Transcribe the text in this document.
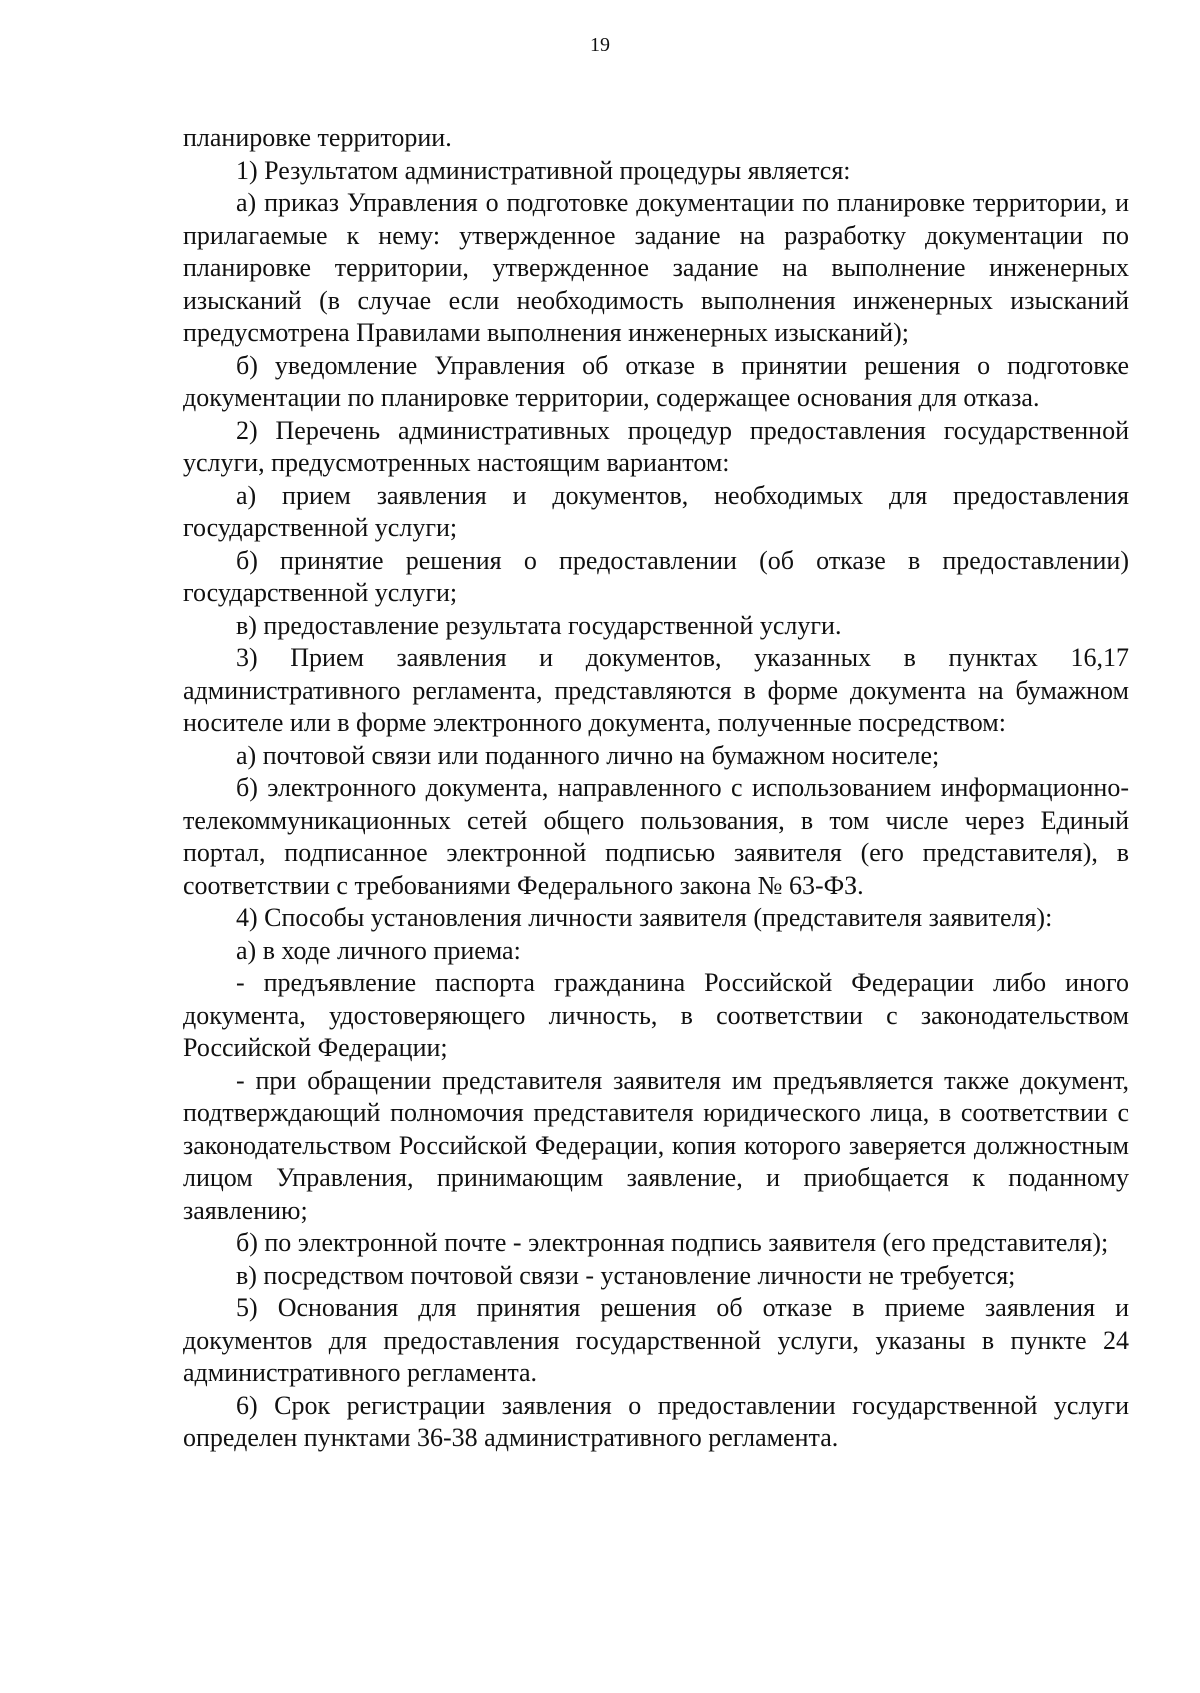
19

планировке территории.

1) Результатом административной процедуры является:

а) приказ Управления о подготовке документации по планировке территории, и прилагаемые к нему: утвержденное задание на разработку документации по планировке территории, утвержденное задание на выполнение инженерных изысканий (в случае если необходимость выполнения инженерных изысканий предусмотрена Правилами выполнения инженерных изысканий);

б) уведомление Управления об отказе в принятии решения о подготовке документации по планировке территории, содержащее основания для отказа.

2) Перечень административных процедур предоставления государственной услуги, предусмотренных настоящим вариантом:

а) прием заявления и документов, необходимых для предоставления государственной услуги;

б) принятие решения о предоставлении (об отказе в предоставлении) государственной услуги;

в) предоставление результата государственной услуги.

3) Прием заявления и документов, указанных в пунктах 16,17 административного регламента, представляются в форме документа на бумажном носителе или в форме электронного документа, полученные посредством:

а) почтовой связи или поданного лично на бумажном носителе;

б) электронного документа, направленного с использованием информационно-телекоммуникационных сетей общего пользования, в том числе через Единый портал, подписанное электронной подписью заявителя (его представителя), в соответствии с требованиями Федерального закона № 63-ФЗ.

4) Способы установления личности заявителя (представителя заявителя):

а) в ходе личного приема:

- предъявление паспорта гражданина Российской Федерации либо иного документа, удостоверяющего личность, в соответствии с законодательством Российской Федерации;

- при обращении представителя заявителя им предъявляется также документ, подтверждающий полномочия представителя юридического лица, в соответствии с законодательством Российской Федерации, копия которого заверяется должностным лицом Управления, принимающим заявление, и приобщается к поданному заявлению;

б) по электронной почте - электронная подпись заявителя (его представителя);

в) посредством почтовой связи - установление личности не требуется;

5) Основания для принятия решения об отказе в приеме заявления и документов для предоставления государственной услуги, указаны в пункте 24 административного регламента.

6) Срок регистрации заявления о предоставлении государственной услуги определен пунктами 36-38 административного регламента.
